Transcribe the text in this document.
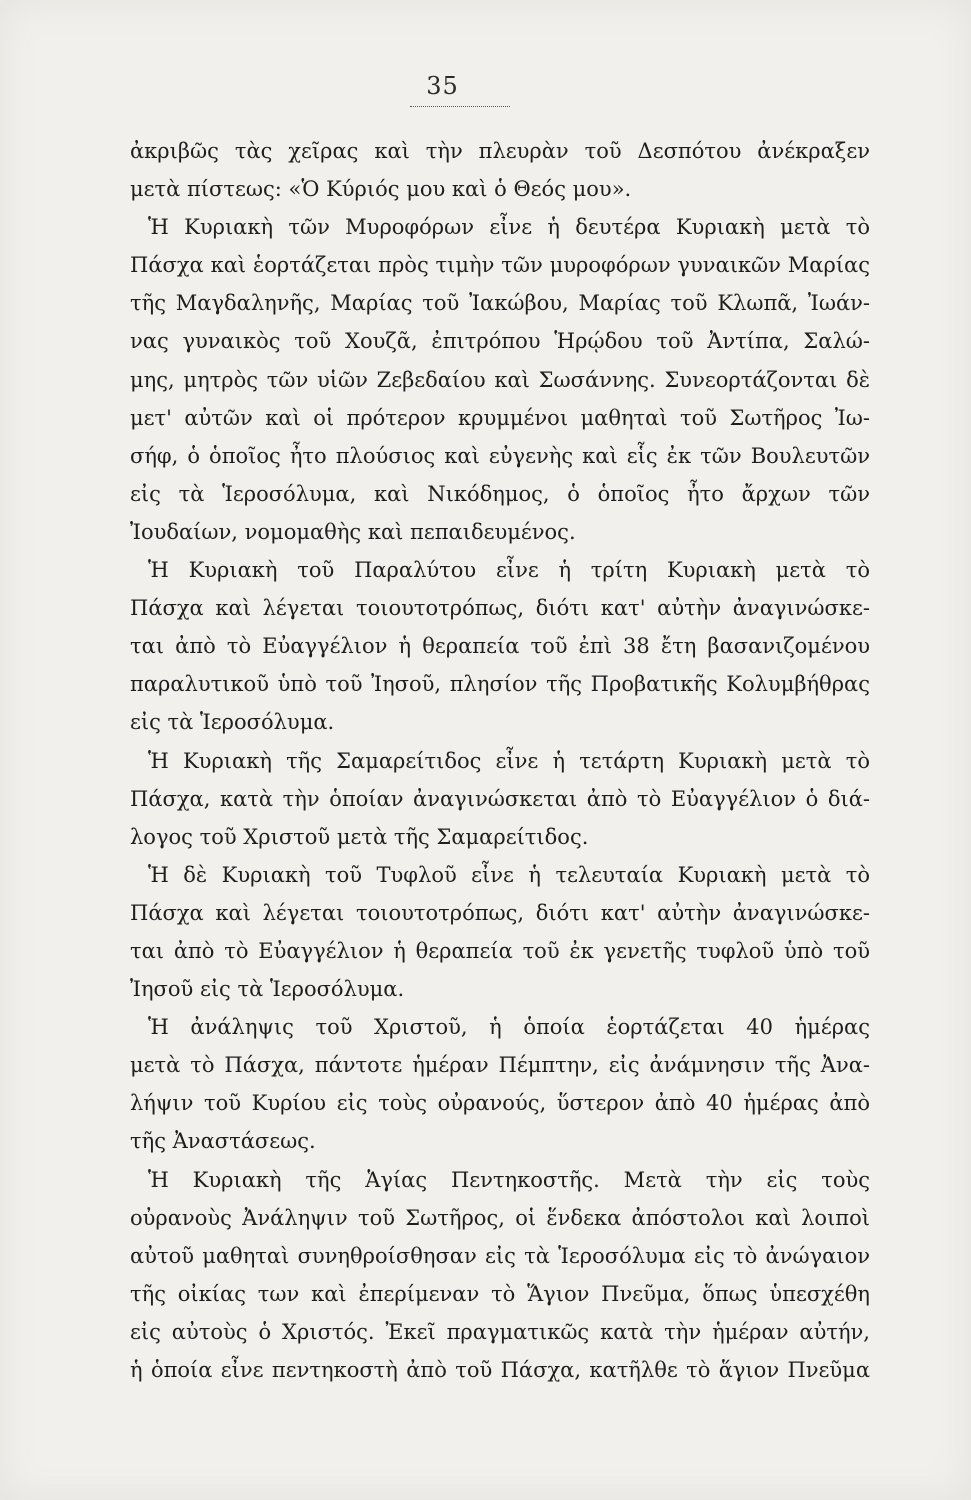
35
ἀκριβῶς τὰς χεῖρας καὶ τὴν πλευρὰν τοῦ Δεσπότου ἀνέκραξεν
μετὰ πίστεως: «Ὁ Κύριός μου καὶ ὁ Θεός μου».
Ἡ Κυριακὴ τῶν Μυροφόρων εἶνε ἡ δευτέρα Κυριακὴ μετὰ τὸ
Πάσχα καὶ ἑορτάζεται πρὸς τιμὴν τῶν μυροφόρων γυναικῶν Μαρίας
τῆς Μαγδαληνῆς, Μαρίας τοῦ Ἰακώβου, Μαρίας τοῦ Κλωπᾶ, Ἰωάν-
νας γυναικὸς τοῦ Χουζᾶ, ἐπιτρόπου Ἡρῴδου τοῦ Ἀντίπα, Σαλώ-
μης, μητρὸς τῶν υἱῶν Ζεβεδαίου καὶ Σωσάννης. Συνεορτάζονται δὲ
μετ' αὐτῶν καὶ οἱ πρότερον κρυμμένοι μαθηταὶ τοῦ Σωτῆρος Ἰω-
σήφ, ὁ ὁποῖος ἦτο πλούσιος καὶ εὐγενὴς καὶ εἷς ἐκ τῶν Βουλευτῶν
εἰς τὰ Ἱεροσόλυμα, καὶ Νικόδημος, ὁ ὁποῖος ἦτο ἄρχων τῶν
Ἰουδαίων, νομομαθὴς καὶ πεπαιδευμένος.
Ἡ Κυριακὴ τοῦ Παραλύτου εἶνε ἡ τρίτη Κυριακὴ μετὰ τὸ
Πάσχα καὶ λέγεται τοιουτοτρόπως, διότι κατ' αὐτὴν ἀναγινώσκε-
ται ἀπὸ τὸ Εὐαγγέλιον ἡ θεραπεία τοῦ ἐπὶ 38 ἔτη βασανιζομένου
παραλυτικοῦ ὑπὸ τοῦ Ἰησοῦ, πλησίον τῆς Προβατικῆς Κολυμβήθρας
εἰς τὰ Ἱεροσόλυμα.
Ἡ Κυριακὴ τῆς Σαμαρείτιδος εἶνε ἡ τετάρτη Κυριακὴ μετὰ τὸ
Πάσχα, κατὰ τὴν ὁποίαν ἀναγινώσκεται ἀπὸ τὸ Εὐαγγέλιον ὁ διά-
λογος τοῦ Χριστοῦ μετὰ τῆς Σαμαρείτιδος.
Ἡ δὲ Κυριακὴ τοῦ Τυφλοῦ εἶνε ἡ τελευταία Κυριακὴ μετὰ τὸ
Πάσχα καὶ λέγεται τοιουτοτρόπως, διότι κατ' αὐτὴν ἀναγινώσκε-
ται ἀπὸ τὸ Εὐαγγέλιον ἡ θεραπεία τοῦ ἐκ γενετῆς τυφλοῦ ὑπὸ τοῦ
Ἰησοῦ εἰς τὰ Ἱεροσόλυμα.
Ἡ ἀνάληψις τοῦ Χριστοῦ, ἡ ὁποία ἑορτάζεται 40 ἡμέρας
μετὰ τὸ Πάσχα, πάντοτε ἡμέραν Πέμπτην, εἰς ἀνάμνησιν τῆς Ἀνα-
λήψιν τοῦ Κυρίου εἰς τοὺς οὐρανούς, ὕστερον ἀπὸ 40 ἡμέρας ἀπὸ
τῆς Ἀναστάσεως.
Ἡ Κυριακὴ τῆς Ἁγίας Πεντηκοστῆς. Μετὰ τὴν εἰς τοὺς
οὐρανοὺς Ἀνάληψιν τοῦ Σωτῆρος, οἱ ἕνδεκα ἀπόστολοι καὶ λοιποὶ
αὐτοῦ μαθηταὶ συνηθροίσθησαν εἰς τὰ Ἱεροσόλυμα εἰς τὸ ἀνώγαιον
τῆς οἰκίας των καὶ ἐπερίμεναν τὸ Ἅγιον Πνεῦμα, ὅπως ὑπεσχέθη
εἰς αὐτοὺς ὁ Χριστός. Ἐκεῖ πραγματικῶς κατὰ τὴν ἡμέραν αὐτήν,
ἡ ὁποία εἶνε πεντηκοστὴ ἀπὸ τοῦ Πάσχα, κατῆλθε τὸ ἅγιον Πνεῦμα
